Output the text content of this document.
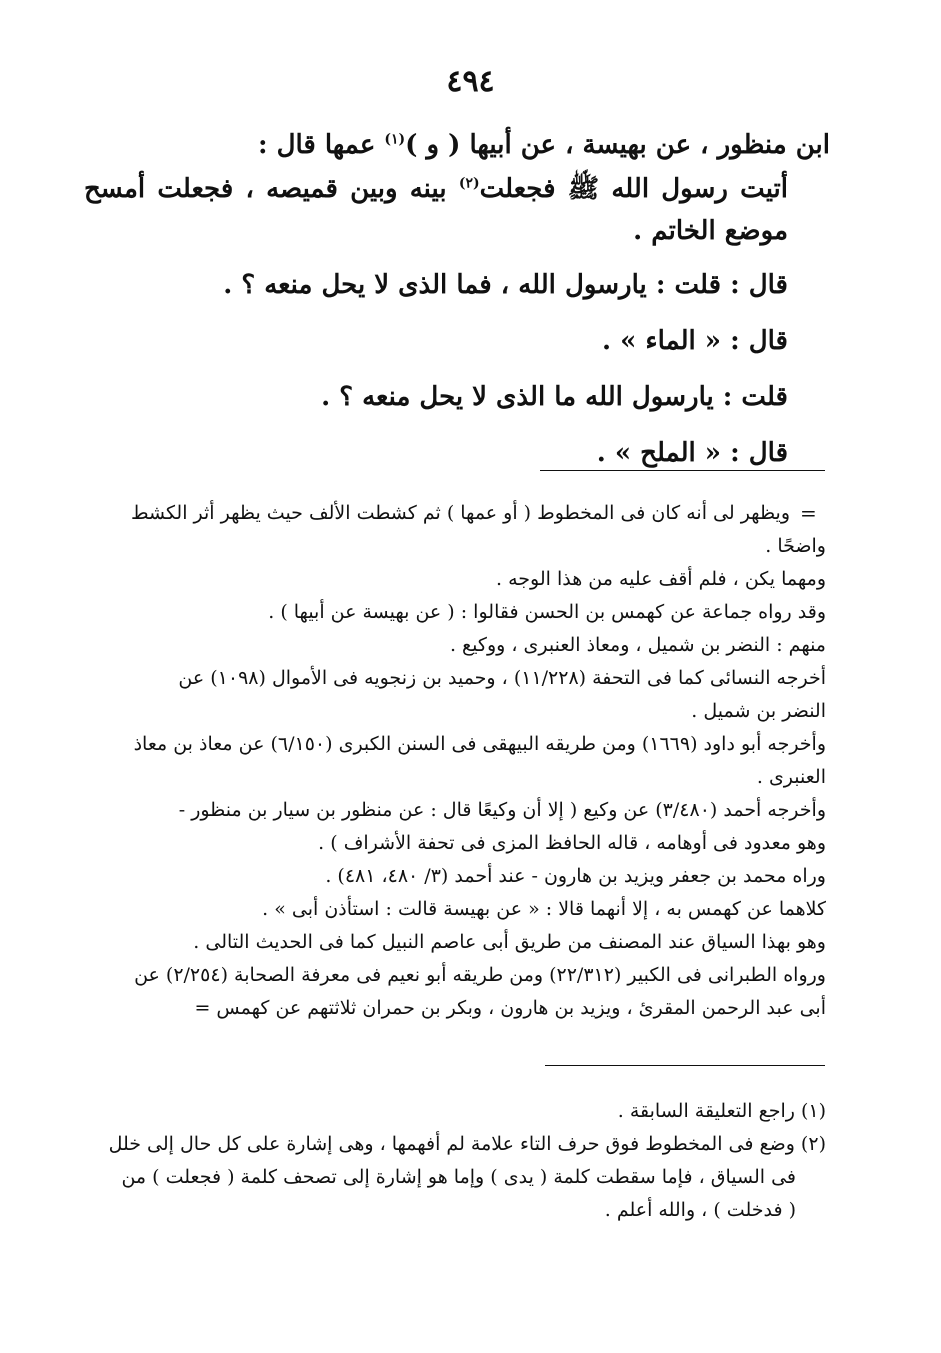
٤٩٤

ابن منظور ، عن بهيسة ، عن أبيها ( و )$^{(١)}$ عمها قال :

أتيت رسول الله ﷺ فجعلت$^{(٢)}$ بينه وبين قميصه ، فجعلت أمسح موضع الخاتم .

قال : قلت : يارسول الله ، فما الذى لا يحل منعه ؟ .

قال : « الماء » .

قلت : يارسول الله ما الذى لا يحل منعه ؟ .

قال : « الملح » .

=

ويظهر لى أنه كان فى المخطوط ( أو عمها ) ثم كشطت الألف حيث يظهر أثر الكشط

واضحًا .

ومهما يكن ، فلم أقف عليه من هذا الوجه .

وقد رواه جماعة عن كهمس بن الحسن فقالوا : ( عن بهيسة عن أبيها ) .

منهم : النضر بن شميل ، ومعاذ العنبرى ، ووكيع .

أخرجه النسائى كما فى التحفة (١١/٢٢٨) ، وحميد بن زنجويه فى الأموال (١٠٩٨) عن

النضر بن شميل .

وأخرجه أبو داود (١٦٦٩) ومن طريقه البيهقى فى السنن الكبرى (٦/١٥٠) عن معاذ بن معاذ

العنبرى .

وأخرجه أحمد (٣/٤٨٠) عن وكيع ( إلا أن وكيعًا قال : عن منظور بن سيار بن منظور -

وهو معدود فى أوهامه ، قاله الحافظ المزى فى تحفة الأشراف ) .

وراه محمد بن جعفر ويزيد بن هارون - عند أحمد (٣/ ٤٨٠، ٤٨١) .

كلاهما عن كهمس به ، إلا أنهما قالا : « عن بهيسة قالت : استأذن أبى » .

وهو بهذا السياق عند المصنف من طريق أبى عاصم النبيل كما فى الحديث التالى .

ورواه الطبرانى فى الكبير (٢٢/٣١٢) ومن طريقه أبو نعيم فى معرفة الصحابة (٢/٢٥٤) عن

أبى عبد الرحمن المقرئ ، ويزيد بن هارون ، وبكر بن حمران ثلاثتهم عن كهمس =

(١) راجع التعليقة السابقة .

(٢) وضع فى المخطوط فوق حرف التاء علامة لم أفهمها ، وهى إشارة على كل حال إلى خلل

فى السياق ، فإما سقطت كلمة ( يدى ) وإما هو إشارة إلى تصحف كلمة ( فجعلت ) من

( فدخلت ) ، والله أعلم .
